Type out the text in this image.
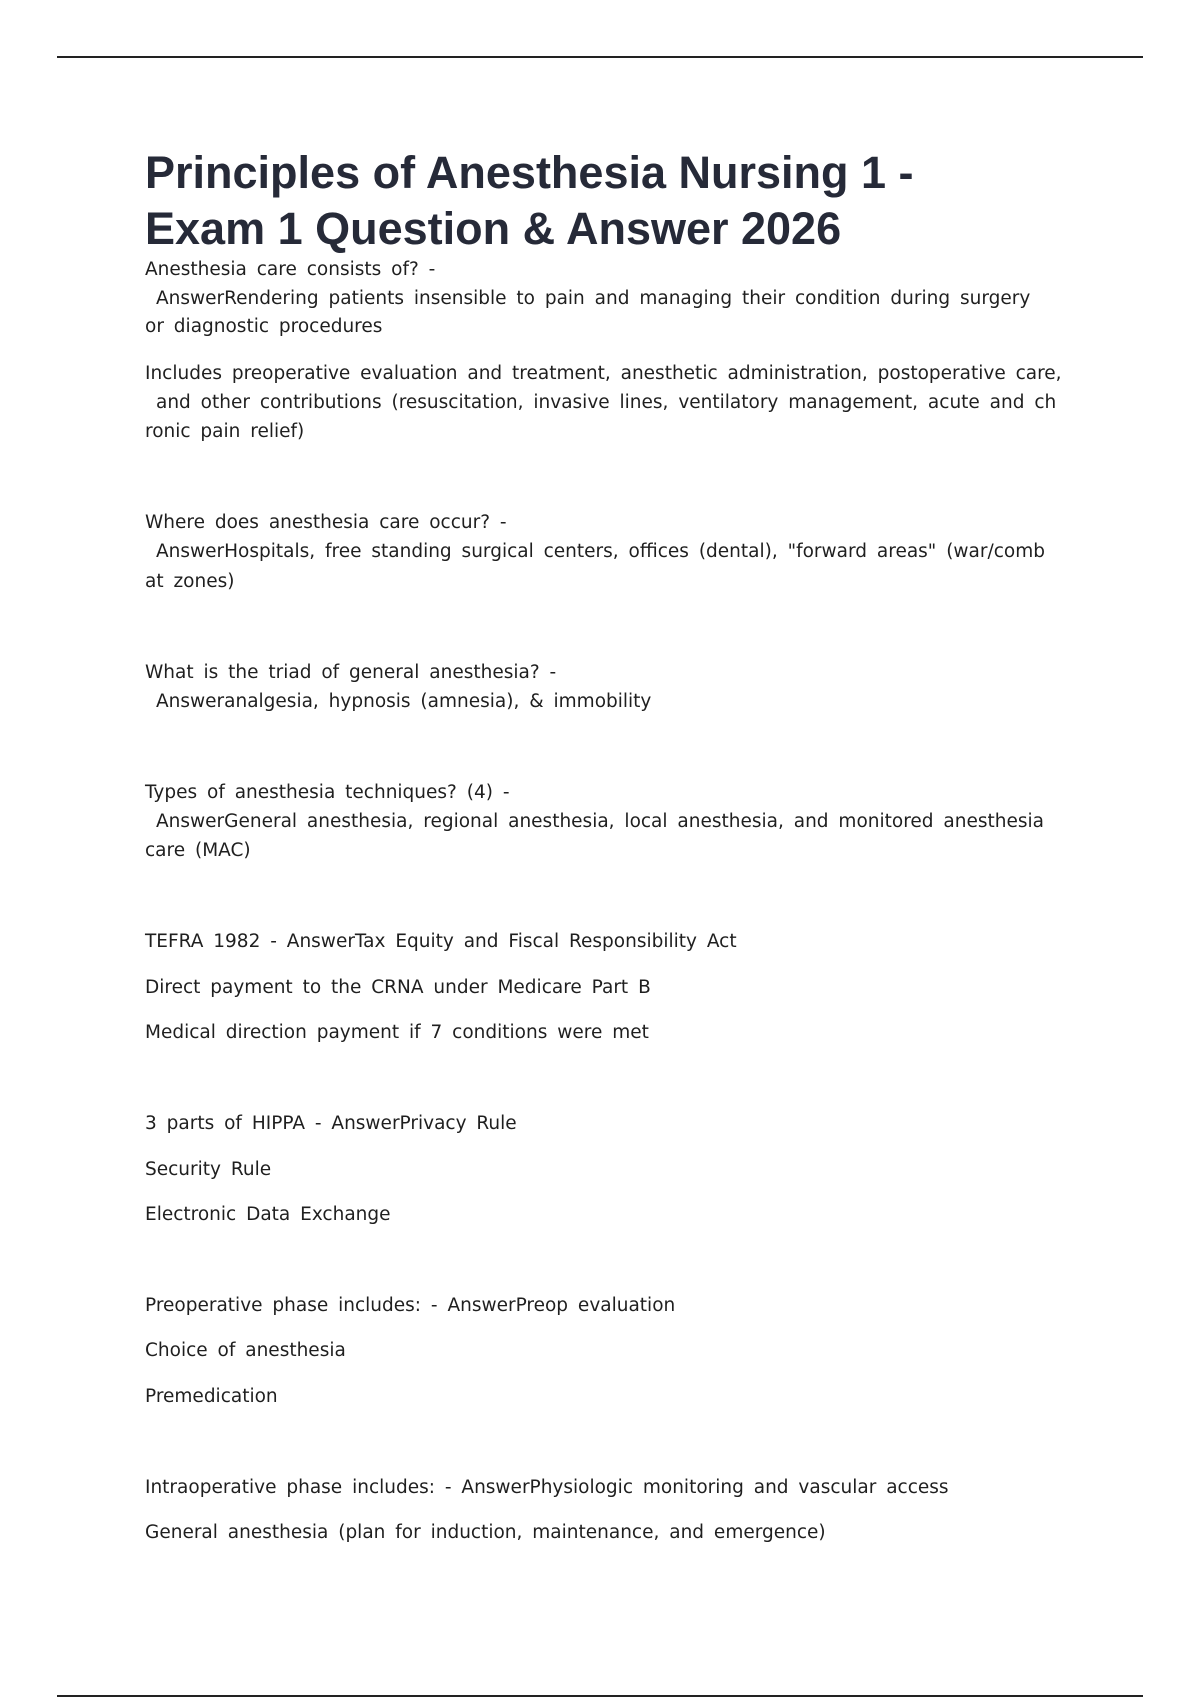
Principles of Anesthesia Nursing 1 -
Exam 1 Question & Answer 2026

Anesthesia care consists of? -

AnswerRendering patients insensible to pain and managing their condition during surgery

or diagnostic procedures

Includes preoperative evaluation and treatment, anesthetic administration, postoperative care,

and other contributions (resuscitation, invasive lines, ventilatory management, acute and ch

ronic pain relief)

Where does anesthesia care occur? -

AnswerHospitals, free standing surgical centers, offices (dental), "forward areas" (war/comb

at zones)

What is the triad of general anesthesia? -

Answeranalgesia, hypnosis (amnesia), & immobility

Types of anesthesia techniques? (4) -

AnswerGeneral anesthesia, regional anesthesia, local anesthesia, and monitored anesthesia

care (MAC)

TEFRA 1982 - AnswerTax Equity and Fiscal Responsibility Act

Direct payment to the CRNA under Medicare Part B

Medical direction payment if 7 conditions were met

3 parts of HIPPA - AnswerPrivacy Rule

Security Rule

Electronic Data Exchange

Preoperative phase includes: - AnswerPreop evaluation

Choice of anesthesia

Premedication

Intraoperative phase includes: - AnswerPhysiologic monitoring and vascular access

General anesthesia (plan for induction, maintenance, and emergence)
